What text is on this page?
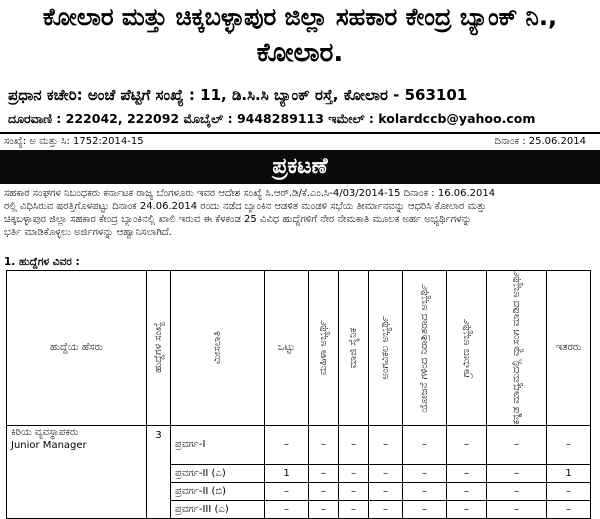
ಕೋಲಾರ ಮತ್ತು ಚಿಕ್ಕಬಳ್ಳಾಪುರ ಜಿಲ್ಲಾ ಸಹಕಾರ ಕೇಂದ್ರ ಬ್ಯಾಂಕ್ ನಿ.,
ಕೋಲಾರ.
ಪ್ರಧಾನ ಕಚೇರಿ: ಅಂಚೆ ಪೆಟ್ಟಿಗೆ ಸಂಖ್ಯೆ : 11, ಡಿ.ಸಿ.ಸಿ ಬ್ಯಾಂಕ್ ರಸ್ತೆ, ಕೋಲಾರ - 563101
ದೂರವಾಣಿ : 222042, 222092 ಮೊಬೈಲ್ : 9448289113 ಇಮೇಲ್ : kolardccb@yahoo.com
ಸಂಖ್ಯೆ: ಅ ಮತ್ತು ಸಿ: 1752:2014-15	ದಿನಾಂಕ : 25.06.2014
ಪ್ರಕಟಣೆ
ಸಹಕಾರ ಸಂಘಗಳ ನಿಬಂಧಕರು ಕರ್ನಾಟಕ ರಾಜ್ಯ ಬೆಂಗಳೂರು ಇವರ ಆದೇಶ ಸಂಖ್ಯೆ ಸಿ.ಆರ್.ಡಿ/ಕೆ.ಎಂ.ಸಿ-4/03/2014-15 ದಿನಾಂಕ : 16.06.2014
ರಲ್ಲಿ ವಿಧಿಸಿರುವ ಷರತ್ತಿಗೊಳಪಟ್ಟು ದಿನಾಂಕ 24.06.2014 ರಂದು ನಡೆದ ಬ್ಯಾಂಕಿನ ಆಡಳಿತ ಮಂಡಳಿ ಸಭೆಯ ತೀರ್ಮಾನವನ್ನು ಆಧರಿಸಿ ಕೋಲಾರ ಮತ್ತು
ಚಿಕ್ಕಬಳ್ಳಾಪುರ ಜಿಲ್ಲಾ ಸಹಕಾರ ಕೇಂದ್ರ ಬ್ಯಾಂಕಿನಲ್ಲಿ ಖಾಲಿ ಇರುವ ಈ ಕೆಳಕಂಡ 25 ವಿವಿಧ ಹುದ್ದೆಗಳಿಗೆ ನೇರ ನೇಮಕಾತಿ ಮೂಲಕ ಅರ್ಹ ಅಭ್ಯರ್ಥಿಗಳನ್ನು
ಭರ್ತಿ ಮಾಡಿಕೊಳ್ಳಲು ಅರ್ಜಿಗಳನ್ನು ಆಹ್ವಾನಿಸಲಾಗಿದೆ.
1. ಹುದ್ದೆಗಳ ವಿವರ :
ಹುದ್ದೆಯ ಹೆಸರು	ಹುದ್ದೆಗಳ ಸಂಖ್ಯೆ	ಮೀಸಲಾತಿ	ಒಟ್ಟು	ಮಹಿಳಾ ಅಭ್ಯರ್ಥಿ	ಮಾಜಿ ಸೈನಿಕ	ಅಂಗವಿಕಲ ಅಭ್ಯರ್ಥಿ	ಯೋಜನೆ ಗಳಿಂದ ನಿರಾಶ್ರಿತರಾದ ಅಭ್ಯರ್ಥಿ	ಗ್ರಾಮೀಣ ಅಭ್ಯರ್ಥಿ	ಕನ್ನಡ ಮಾಧ್ಯಮದಲ್ಲಿ ವ್ಯಾಸಂಗ ಮಾಡಿದ ಅಭ್ಯರ್ಥಿ	ಇತರರು

ಕಿರಿಯ ವ್ಯವಸ್ಥಾಪಕರು
Junior Manager	3	ಪ್ರವರ್ಗ-I	–	–	–	–	–	–	–	–
		ಪ್ರವರ್ಗ-II (ಎ)	1	–	–	–	–	–	–	1
		ಪ್ರವರ್ಗ-II (ಬಿ)	–	–	–	–	–	–	–	–
		ಪ್ರವರ್ಗ-III (ಎ)	–	–	–	–	–	–	–	–
